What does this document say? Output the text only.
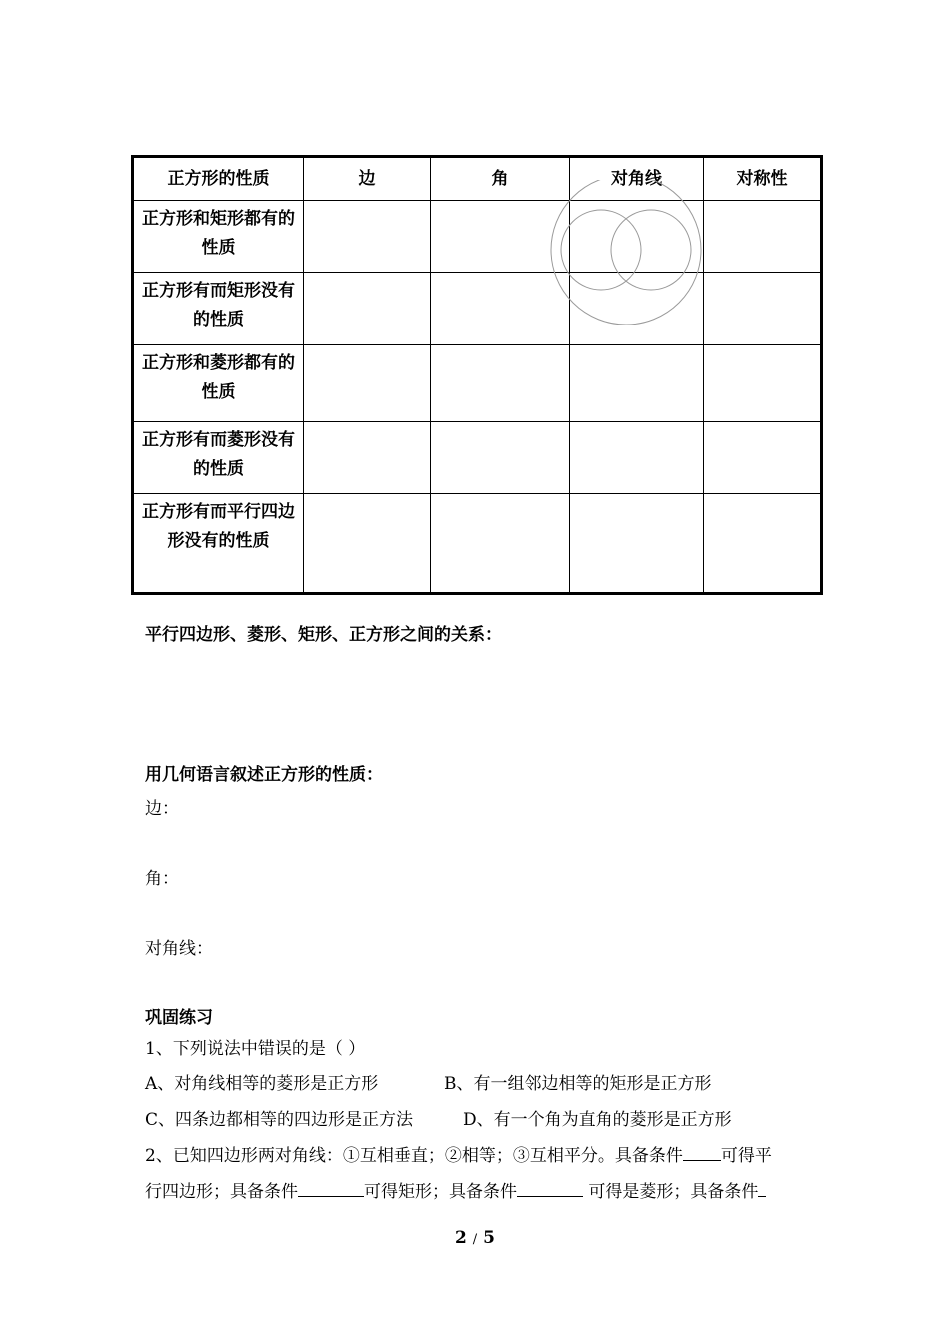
正方形的性质	边	角	对角线	对称性
正方形和矩形都有的性质				
正方形有而矩形没有的性质				
正方形和菱形都有的性质				
正方形有而菱形没有的性质				
正方形有而平行四边形没有的性质				
平行四边形、菱形、矩形、正方形之间的关系：
用几何语言叙述正方形的性质：
边：
角：
对角线：
巩固练习
1、下列说法中错误的是（ ）
A、对角线相等的菱形是正方形	B、有一组邻边相等的矩形是正方形
C、四条边都相等的四边形是正方法	D、有一个角为直角的菱形是正方形
2、已知四边形两对角线：①互相垂直；②相等；③互相平分。具备条件 可得平
行四边形；具备条件	可得矩形；具备条件	可得是菱形；具备条件
2 / 5
